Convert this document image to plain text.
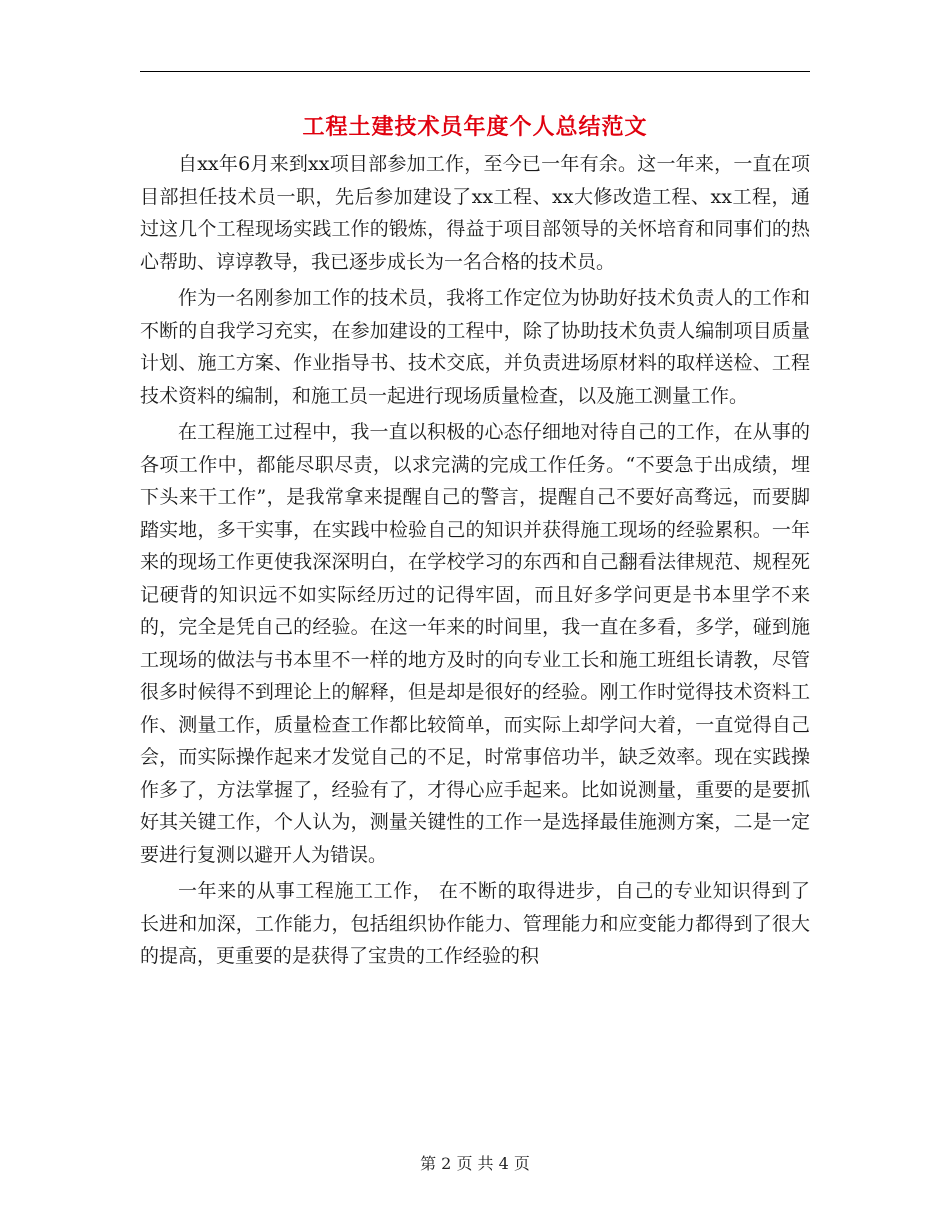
工程土建技术员年度个人总结范文

自xx年6月来到xx项目部参加工作，至今已一年有余。这一年来，一直在项目部担任技术员一职，先后参加建设了xx工程、xx大修改造工程、xx工程，通过这几个工程现场实践工作的锻炼，得益于项目部领导的关怀培育和同事们的热心帮助、谆谆教导，我已逐步成长为一名合格的技术员。

作为一名刚参加工作的技术员，我将工作定位为协助好技术负责人的工作和不断的自我学习充实，在参加建设的工程中，除了协助技术负责人编制项目质量计划、施工方案、作业指导书、技术交底，并负责进场原材料的取样送检、工程技术资料的编制，和施工员一起进行现场质量检查，以及施工测量工作。

在工程施工过程中，我一直以积极的心态仔细地对待自己的工作，在从事的各项工作中，都能尽职尽责，以求完满的完成工作任务。“不要急于出成绩，埋下头来干工作”，是我常拿来提醒自己的警言，提醒自己不要好高骛远，而要脚踏实地，多干实事，在实践中检验自己的知识并获得施工现场的经验累积。一年来的现场工作更使我深深明白，在学校学习的东西和自己翻看法律规范、规程死记硬背的知识远不如实际经历过的记得牢固，而且好多学问更是书本里学不来的，完全是凭自己的经验。在这一年来的时间里，我一直在多看，多学，碰到施工现场的做法与书本里不一样的地方及时的向专业工长和施工班组长请教，尽管很多时候得不到理论上的解释，但是却是很好的经验。刚工作时觉得技术资料工作、测量工作，质量检查工作都比较简单，而实际上却学问大着，一直觉得自己会，而实际操作起来才发觉自己的不足，时常事倍功半，缺乏效率。现在实践操作多了，方法掌握了，经验有了，才得心应手起来。比如说测量，重要的是要抓好其关键工作，个人认为，测量关键性的工作一是选择最佳施测方案，二是一定要进行复测以避开人为错误。

一年来的从事工程施工工作， 在不断的取得进步，自己的专业知识得到了长进和加深，工作能力，包括组织协作能力、管理能力和应变能力都得到了很大的提高，更重要的是获得了宝贵的工作经验的积

第 2 页 共 4 页
